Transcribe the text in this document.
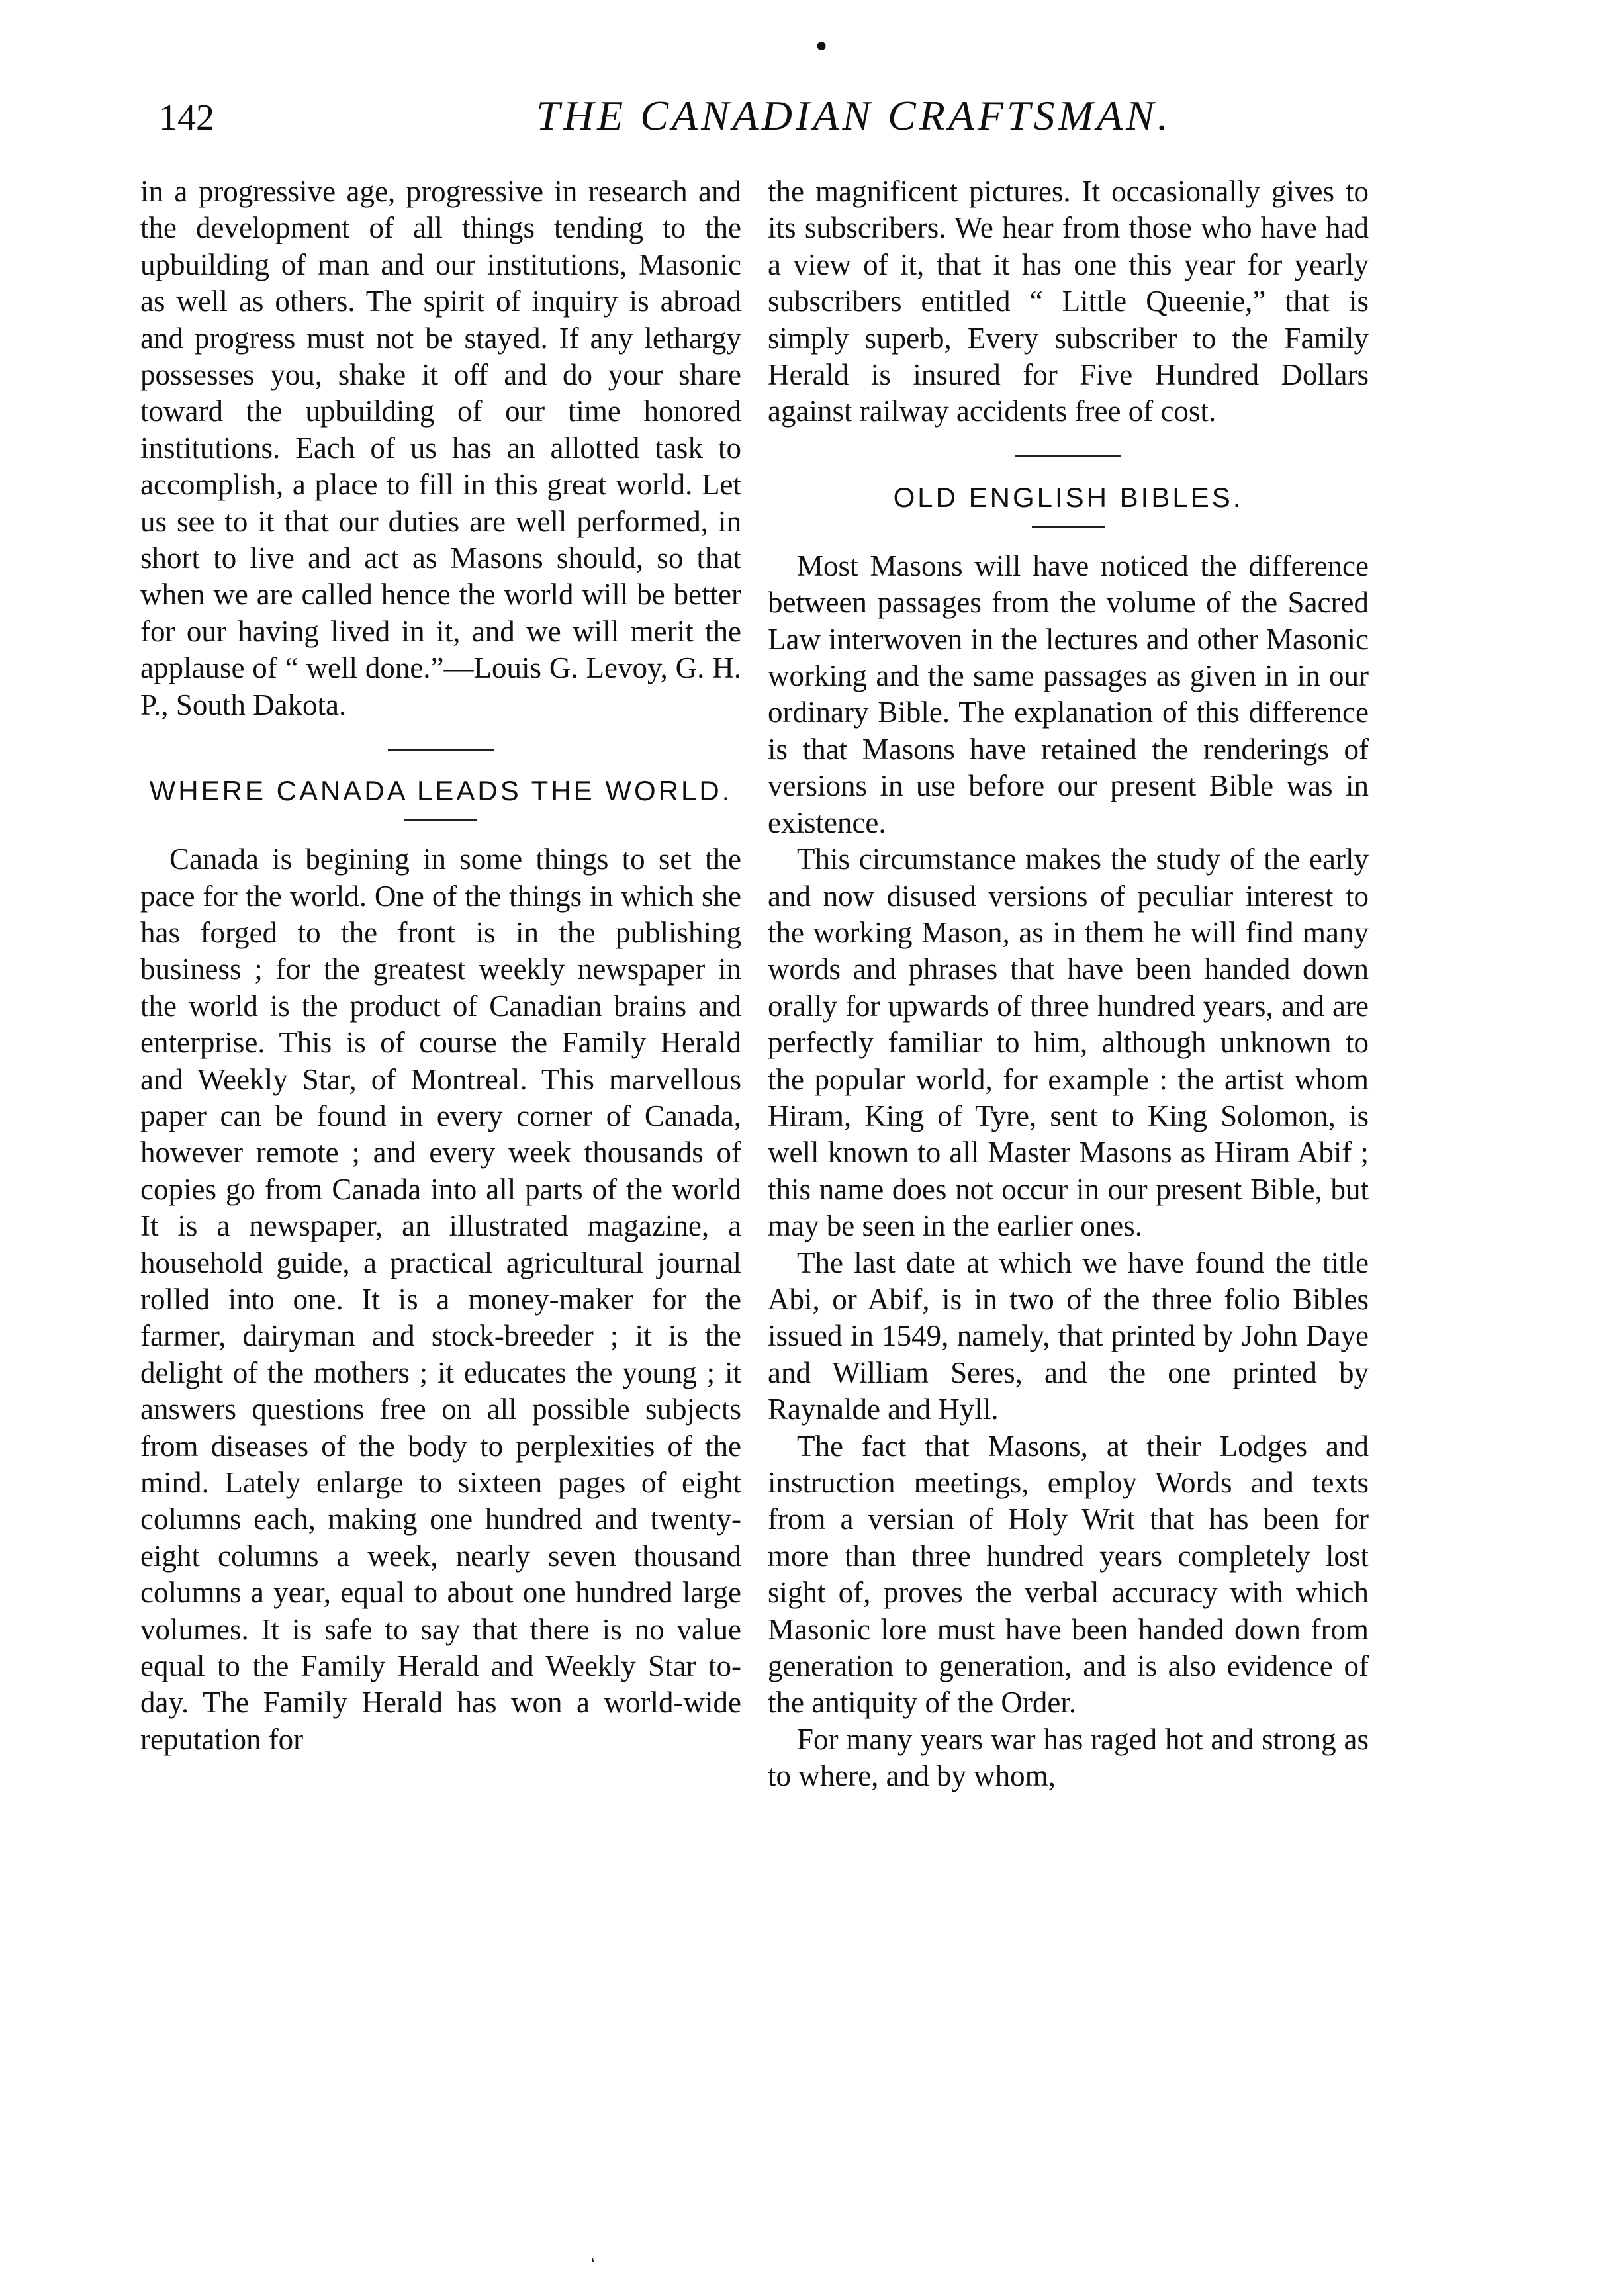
●
142	THE CANADIAN CRAFTSMAN.

in a progressive age, progressive in research and the development of all things tending to the upbuilding of man and our institutions, Masonic as well as others. The spirit of inquiry is abroad and progress must not be stayed. If any lethargy possesses you, shake it off and do your share toward the upbuilding of our time honored institutions. Each of us has an allotted task to accomplish, a place to fill in this great world. Let us see to it that our duties are well performed, in short to live and act as Masons should, so that when we are called hence the world will be better for our having lived in it, and we will merit the applause of “ well done.”—Louis G. Levoy, G. H. P., South Dakota.

WHERE CANADA LEADS THE WORLD.

Canada is begining in some things to set the pace for the world. One of the things in which she has forged to the front is in the publishing business ; for the greatest weekly newspaper in the world is the product of Canadian brains and enterprise. This is of course the Family Herald and Weekly Star, of Montreal. This marvellous paper can be found in every corner of Canada, however remote ; and every week thousands of copies go from Canada into all parts of the world It is a newspaper, an illustrated magazine, a household guide, a practical agricultural journal rolled into one. It is a money-maker for the farmer, dairyman and stock-breeder ; it is the delight of the mothers ; it educates the young ; it answers questions free on all possible subjects from diseases of the body to perplexities of the mind. Lately enlarge to sixteen pages of eight columns each, making one hundred and twenty-eight columns a week, nearly seven thousand columns a year, equal to about one hundred large volumes. It is safe to say that there is no value equal to the Family Herald and Weekly Star to-day. The Family Herald has won a world-wide reputation for

the magnificent pictures. It occasionally gives to its subscribers. We hear from those who have had a view of it, that it has one this year for yearly subscribers entitled “ Little Queenie,” that is simply superb, Every subscriber to the Family Herald is insured for Five Hundred Dollars against railway accidents free of cost.

OLD ENGLISH BIBLES.

Most Masons will have noticed the difference between passages from the volume of the Sacred Law interwoven in the lectures and other Masonic working and the same passages as given in in our ordinary Bible. The explanation of this difference is that Masons have retained the renderings of versions in use before our present Bible was in existence.

This circumstance makes the study of the early and now disused versions of peculiar interest to the working Mason, as in them he will find many words and phrases that have been handed down orally for upwards of three hundred years, and are perfectly familiar to him, although unknown to the popular world, for example : the artist whom Hiram, King of Tyre, sent to King Solomon, is well known to all Master Masons as Hiram Abif ; this name does not occur in our present Bible, but may be seen in the earlier ones.

The last date at which we have found the title Abi, or Abif, is in two of the three folio Bibles issued in 1549, namely, that printed by John Daye and William Seres, and the one printed by Raynalde and Hyll.

The fact that Masons, at their Lodges and instruction meetings, employ Words and texts from a versian of Holy Writ that has been for more than three hundred years completely lost sight of, proves the verbal accuracy with which Masonic lore must have been handed down from generation to generation, and is also evidence of the antiquity of the Order.

For many years war has raged hot and strong as to where, and by whom,

‘
